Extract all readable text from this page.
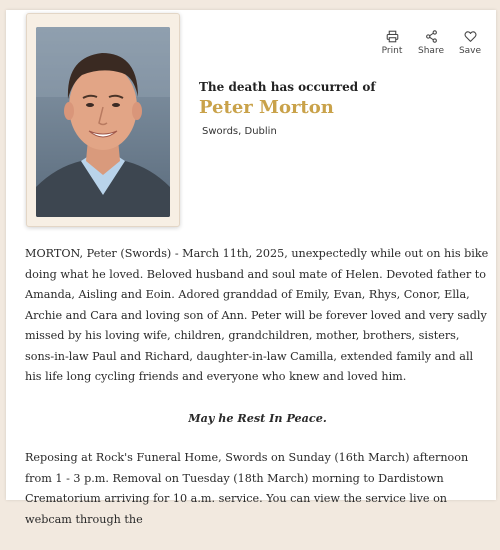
Print Share Save
The death has occurred of
Peter Morton
Swords, Dublin

MORTON, Peter (Swords) - March 11th, 2025, unexpectedly while out on his bike doing what he loved. Beloved husband and soul mate of Helen. Devoted father to Amanda, Aisling and Eoin. Adored granddad of Emily, Evan, Rhys, Conor, Ella, Archie and Cara and loving son of Ann. Peter will be forever loved and very sadly missed by his loving wife, children, grandchildren, mother, brothers, sisters, sons-in-law Paul and Richard, daughter-in-law Camilla, extended family and all his life long cycling friends and everyone who knew and loved him.

May he Rest In Peace.

Reposing at Rock's Funeral Home, Swords on Sunday (16th March) afternoon from 1 - 3 p.m. Removal on Tuesday (18th March) morning to Dardistown Crematorium arriving for 10 a.m. service. You can view the service live on webcam through the
